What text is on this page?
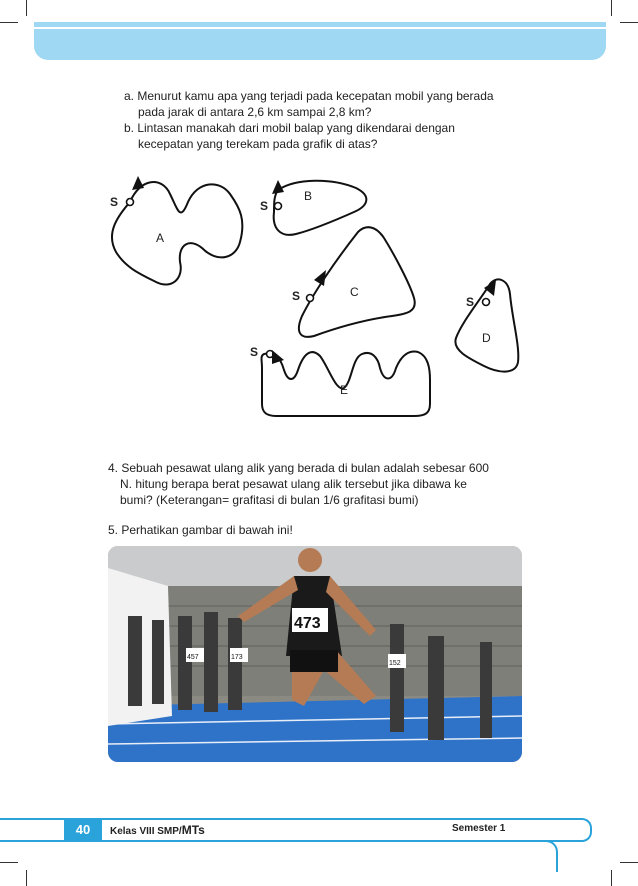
a. Menurut kamu apa yang terjadi pada kecepatan mobil yang berada
pada jarak di antara 2,6 km sampai 2,8 km?
b. Lintasan manakah dari mobil balap yang dikendarai dengan
kecepatan yang terekam pada grafik di atas?
S
A
S
B
S	C
S
D
S
E
4. Sebuah pesawat ulang alik yang berada di bulan adalah sebesar 600
N. hitung berapa berat pesawat ulang alik tersebut jika dibawa ke
bumi? (Keterangan= grafitasi di bulan 1/6 grafitasi bumi)
5. Perhatikan gambar di bawah ini!
457	173
152
473
40	Kelas VIII SMP/MTs	Semester 1
